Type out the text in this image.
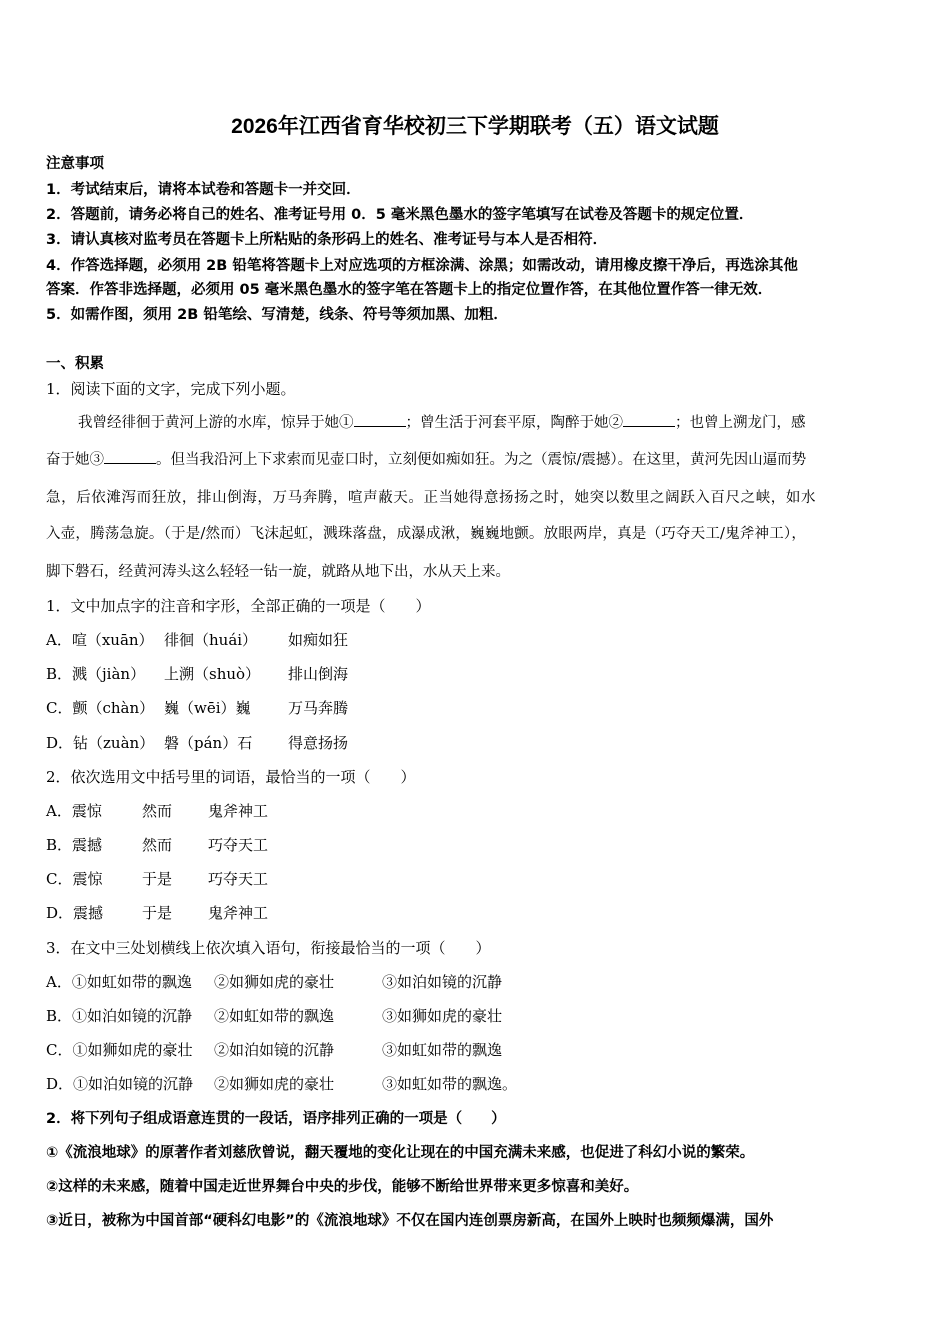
2026年江西省育华校初三下学期联考（五）语文试题
注意事项
1．考试结束后，请将本试卷和答题卡一并交回．
2．答题前，请务必将自己的姓名、准考证号用 0．5 毫米黑色墨水的签字笔填写在试卷及答题卡的规定位置．
3．请认真核对监考员在答题卡上所粘贴的条形码上的姓名、准考证号与本人是否相符．
4．作答选择题，必须用 2B 铅笔将答题卡上对应选项的方框涂满、涂黑；如需改动，请用橡皮擦干净后，再选涂其他
答案．作答非选择题，必须用 05 毫米黑色墨水的签字笔在答题卡上的指定位置作答，在其他位置作答一律无效．
5．如需作图，须用 2B 铅笔绘、写清楚，线条、符号等须加黑、加粗．
一、积累
1．阅读下面的文字，完成下列小题。
我曾经徘徊于黄河上游的水库，惊异于她①	；曾生活于河套平原，陶醉于她②	；也曾上溯龙门，感
奋于她③	。但当我沿河上下求索而见壶口时，立刻便如痴如狂。为之（震惊/震撼）。在这里，黄河先因山逼而势
急，后依滩泻而狂放，排山倒海，万马奔腾，喧声蔽天。正当她得意扬扬之时，她突以数里之阔跃入百尺之峡，如水
入壶，腾荡急旋。（于是/然而）飞沫起虹，溅珠落盘，成瀑成湫，巍巍地颤。放眼两岸，真是（巧夺天工/鬼斧神工），
脚下磐石，经黄河涛头这么轻轻一钻一旋，就路从地下出，水从天上来。
1．文中加点字的注音和字形，全部正确的一项是（　　）
A．喧（xuān） 徘徊（huái） 如痴如狂
B．溅（jiàn） 上溯（shuò） 排山倒海
C．颤（chàn） 巍（wēi）巍 万马奔腾
D．钻（zuàn） 磐（pán）石 得意扬扬
2．依次选用文中括号里的词语，最恰当的一项（　　）
A．震惊	然而 鬼斧神工
B．震撼	然而 巧夺天工
C．震惊	于是 巧夺天工
D．震撼	于是 鬼斧神工
3．在文中三处划横线上依次填入语句，衔接最恰当的一项（　　）
A．①如虹如带的飘逸 ②如狮如虎的豪壮	③如泊如镜的沉静
B．①如泊如镜的沉静 ②如虹如带的飘逸	③如狮如虎的豪壮
C．①如狮如虎的豪壮 ②如泊如镜的沉静	③如虹如带的飘逸
D．①如泊如镜的沉静 ②如狮如虎的豪壮	③如虹如带的飘逸。
2．将下列句子组成语意连贯的一段话，语序排列正确的一项是（　　）
①《流浪地球》的原著作者刘慈欣曾说，翻天覆地的变化让现在的中国充满未来感，也促进了科幻小说的繁荣。
②这样的未来感，随着中国走近世界舞台中央的步伐，能够不断给世界带来更多惊喜和美好。
③近日，被称为中国首部“硬科幻电影”的《流浪地球》不仅在国内连创票房新高，在国外上映时也频频爆满，国外
